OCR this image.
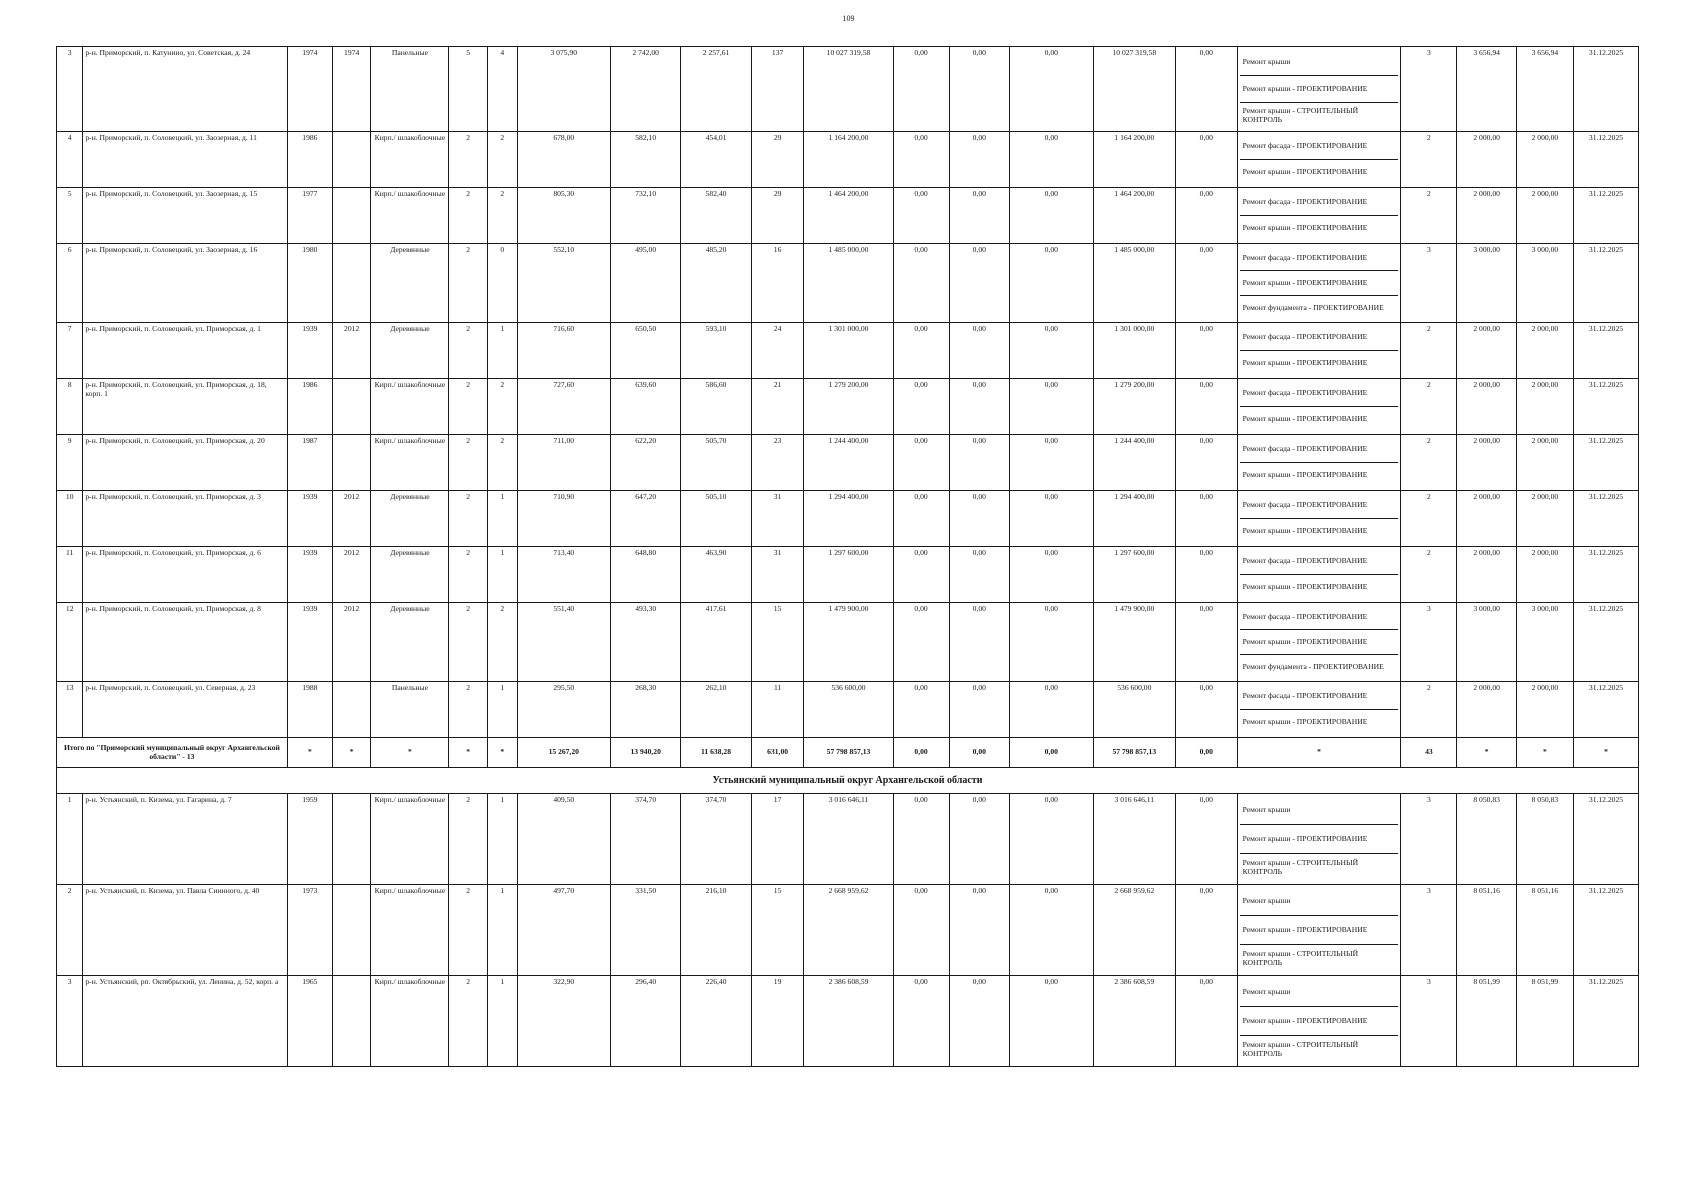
109
3	р-н. Приморский, п. Катунино, ул. Советская, д. 24	1974	1974	Панельные	5	4	3 075,90	2 742,00	2 257,61	137	10 027 319,58	0,00	0,00	0,00	10 027 319,58	0,00	Ремонт крыши
Ремонт крыши - ПРОЕКТИРОВАНИЕ
Ремонт крыши - СТРОИТЕЛЬНЫЙ КОНТРОЛЬ	3	3 656,94	3 656,94	31.12.2025
4	р-н. Приморский, п. Соловецкий, ул. Заозерная, д. 11	1986		Кирп./ шлакоблочные	2	2	678,00	582,10	454,01	29	1 164 200,00	0,00	0,00	0,00	1 164 200,00	0,00	Ремонт фасада - ПРОЕКТИРОВАНИЕ
Ремонт крыши - ПРОЕКТИРОВАНИЕ	2	2 000,00	2 000,00	31.12.2025
5	р-н. Приморский, п. Соловецкий, ул. Заозерная, д. 15	1977		Кирп./ шлакоблочные	2	2	805,30	732,10	582,40	29	1 464 200,00	0,00	0,00	0,00	1 464 200,00	0,00	Ремонт фасада - ПРОЕКТИРОВАНИЕ
Ремонт крыши - ПРОЕКТИРОВАНИЕ	2	2 000,00	2 000,00	31.12.2025
6	р-н. Приморский, п. Соловецкий, ул. Заозерная, д. 16	1980		Деревянные	2	0	552,10	495,00	485,20	16	1 485 000,00	0,00	0,00	0,00	1 485 000,00	0,00	Ремонт фасада - ПРОЕКТИРОВАНИЕ
Ремонт крыши - ПРОЕКТИРОВАНИЕ
Ремонт фундамента - ПРОЕКТИРОВАНИЕ	3	3 000,00	3 000,00	31.12.2025
7	р-н. Приморский, п. Соловецкий, ул. Приморская, д. 1	1939	2012	Деревянные	2	1	716,60	650,50	593,10	24	1 301 000,00	0,00	0,00	0,00	1 301 000,00	0,00	Ремонт фасада - ПРОЕКТИРОВАНИЕ
Ремонт крыши - ПРОЕКТИРОВАНИЕ	2	2 000,00	2 000,00	31.12.2025
8	р-н. Приморский, п. Соловецкий, ул. Приморская, д. 18, корп. 1	1986		Кирп./ шлакоблочные	2	2	727,60	639,60	586,60	21	1 279 200,00	0,00	0,00	0,00	1 279 200,00	0,00	Ремонт фасада - ПРОЕКТИРОВАНИЕ
Ремонт крыши - ПРОЕКТИРОВАНИЕ	2	2 000,00	2 000,00	31.12.2025
9	р-н. Приморский, п. Соловецкий, ул. Приморская, д. 20	1987		Кирп./ шлакоблочные	2	2	711,00	622,20	505,70	23	1 244 400,00	0,00	0,00	0,00	1 244 400,00	0,00	Ремонт фасада - ПРОЕКТИРОВАНИЕ
Ремонт крыши - ПРОЕКТИРОВАНИЕ	2	2 000,00	2 000,00	31.12.2025
10	р-н. Приморский, п. Соловецкий, ул. Приморская, д. 3	1939	2012	Деревянные	2	1	710,90	647,20	505,10	31	1 294 400,00	0,00	0,00	0,00	1 294 400,00	0,00	Ремонт фасада - ПРОЕКТИРОВАНИЕ
Ремонт крыши - ПРОЕКТИРОВАНИЕ	2	2 000,00	2 000,00	31.12.2025
11	р-н. Приморский, п. Соловецкий, ул. Приморская, д. 6	1939	2012	Деревянные	2	1	713,40	648,80	463,90	31	1 297 600,00	0,00	0,00	0,00	1 297 600,00	0,00	Ремонт фасада - ПРОЕКТИРОВАНИЕ
Ремонт крыши - ПРОЕКТИРОВАНИЕ	2	2 000,00	2 000,00	31.12.2025
12	р-н. Приморский, п. Соловецкий, ул. Приморская, д. 8	1939	2012	Деревянные	2	2	551,40	493,30	417,61	15	1 479 900,00	0,00	0,00	0,00	1 479 900,00	0,00	Ремонт фасада - ПРОЕКТИРОВАНИЕ
Ремонт крыши - ПРОЕКТИРОВАНИЕ
Ремонт фундамента - ПРОЕКТИРОВАНИЕ	3	3 000,00	3 000,00	31.12.2025
13	р-н. Приморский, п. Соловецкий, ул. Северная, д. 23	1988		Панельные	2	1	295,50	268,30	262,10	11	536 600,00	0,00	0,00	0,00	536 600,00	0,00	Ремонт фасада - ПРОЕКТИРОВАНИЕ
Ремонт крыши - ПРОЕКТИРОВАНИЕ	2	2 000,00	2 000,00	31.12.2025
Итого по "Приморский муниципальный округ Архангельской области" - 13		*	*	*	*	*	15 267,20	13 940,20	11 638,28	631,00	57 798 857,13	0,00	0,00	0,00	57 798 857,13	0,00	*	43	*	*	*
Устьянский муниципальный округ Архангельской области																					
1	р-н. Устьянский, п. Кизема, ул. Гагарина, д. 7	1959		Кирп./ шлакоблочные	2	1	409,50	374,70	374,70	17	3 016 646,11	0,00	0,00	0,00	3 016 646,11	0,00	Ремонт крыши
Ремонт крыши - ПРОЕКТИРОВАНИЕ
Ремонт крыши - СТРОИТЕЛЬНЫЙ КОНТРОЛЬ	3	8 050,83	8 050,83	31.12.2025
2	р-н. Устьянский, п. Кизема, ул. Павла Сиинного, д. 40	1973		Кирп./ шлакоблочные	2	1	497,70	331,50	216,10	15	2 668 959,62	0,00	0,00	0,00	2 668 959,62	0,00	Ремонт крыши
Ремонт крыши - ПРОЕКТИРОВАНИЕ
Ремонт крыши - СТРОИТЕЛЬНЫЙ КОНТРОЛЬ	3	8 051,16	8 051,16	31.12.2025
3	р-н. Устьянский, рп. Октябрьский, ул. Ленина, д. 52, корп. а	1965		Кирп./ шлакоблочные	2	1	322,90	296,40	226,40	19	2 386 608,59	0,00	0,00	0,00	2 386 608,59	0,00	Ремонт крыши
Ремонт крыши - ПРОЕКТИРОВАНИЕ
Ремонт крыши - СТРОИТЕЛЬНЫЙ КОНТРОЛЬ	3	8 051,99	8 051,99	31.12.2025
